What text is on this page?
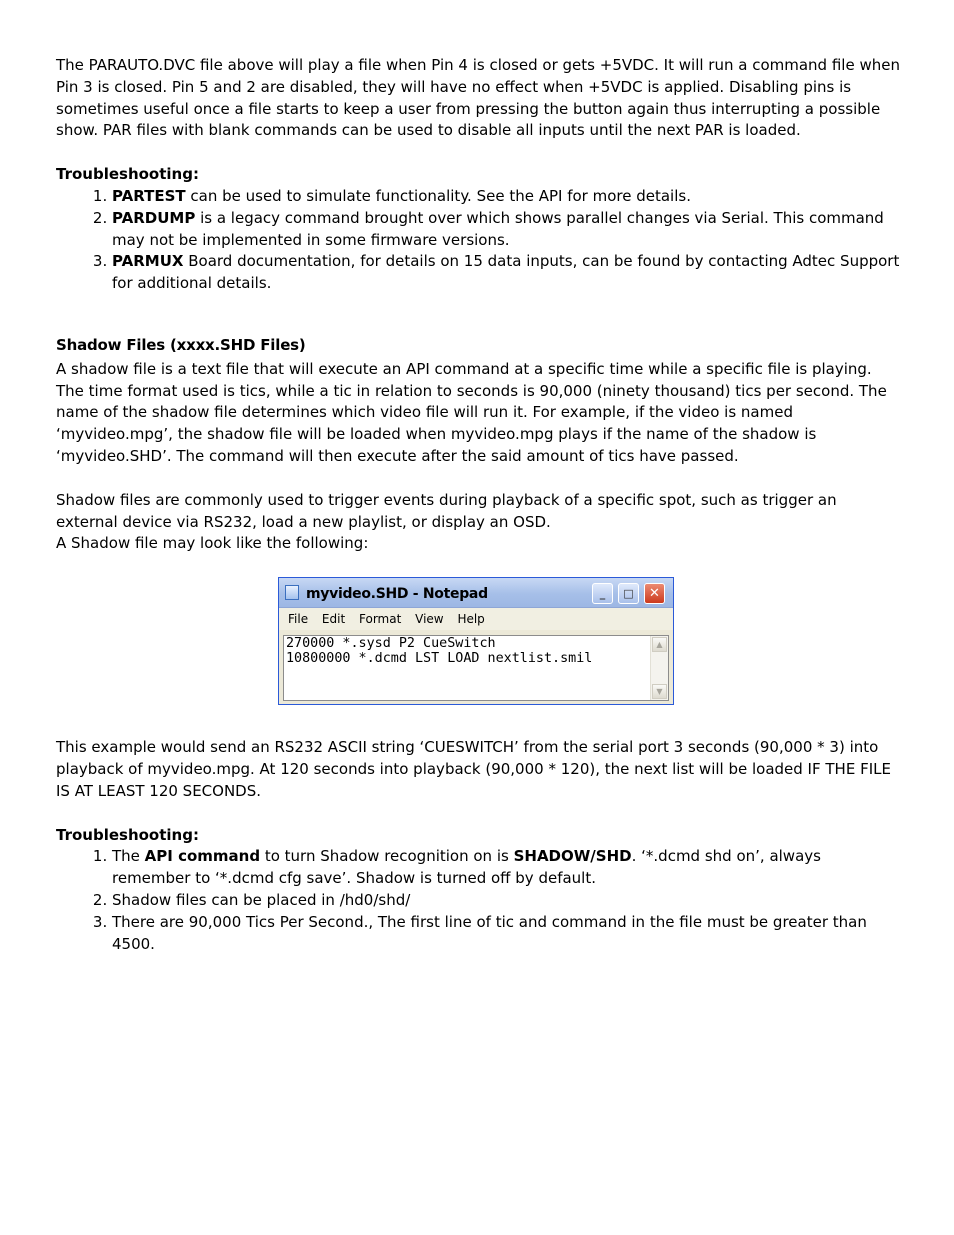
The PARAUTO.DVC file above will play a file when Pin 4 is closed or gets +5VDC. It will run a command file when Pin 3 is closed. Pin 5 and 2 are disabled, they will have no effect when +5VDC is applied. Disabling pins is sometimes useful once a file starts to keep a user from pressing the button again thus interrupting a possible show. PAR files with blank commands can be used to disable all inputs until the next PAR is loaded.

Troubleshooting:

1. PARTEST can be used to simulate functionality. See the API for more details.
2. PARDUMP is a legacy command brought over which shows parallel changes via Serial. This command may not be implemented in some firmware versions.
3. PARMUX Board documentation, for details on 15 data inputs, can be found by contacting Adtec Support for additional details.

Shadow Files (xxxx.SHD Files)

A shadow file is a text file that will execute an API command at a specific time while a specific file is playing. The time format used is tics, while a tic in relation to seconds is 90,000 (ninety thousand) tics per second. The name of the shadow file determines which video file will run it. For example, if the video is named ‘myvideo.mpg’, the shadow file will be loaded when myvideo.mpg plays if the name of the shadow is ‘myvideo.SHD’. The command will then execute after the said amount of tics have passed.

Shadow files are commonly used to trigger events during playback of a specific spot, such as trigger an external device via RS232, load a new playlist, or display an OSD.

A Shadow file may look like the following:

myvideo.SHD - Notepad	_	□	✕
File Edit Format View Help
270000 *.sysd P2 CueSwitch
10800000 *.dcmd LST LOAD nextlist.smil
▲
▼

This example would send an RS232 ASCII string ‘CUESWITCH’ from the serial port 3 seconds (90,000 * 3) into playback of myvideo.mpg. At 120 seconds into playback (90,000 * 120), the next list will be loaded IF THE FILE IS AT LEAST 120 SECONDS.

Troubleshooting:

1. The API command to turn Shadow recognition on is SHADOW/SHD. ‘*.dcmd shd on’, always remember to ‘*.dcmd cfg save’. Shadow is turned off by default.
2. Shadow files can be placed in /hd0/shd/
3. There are 90,000 Tics Per Second., The first line of tic and command in the file must be greater than 4500.
